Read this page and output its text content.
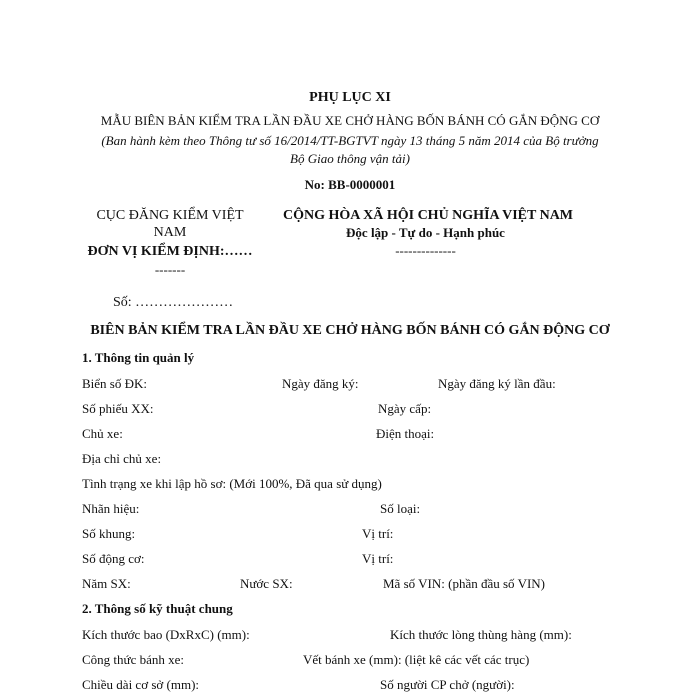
PHỤ LỤC XI
MẪU BIÊN BẢN KIỂM TRA LẦN ĐẦU XE CHỞ HÀNG BỐN BÁNH CÓ GẮN ĐỘNG CƠ
(Ban hành kèm theo Thông tư số 16/2014/TT-BGTVT ngày 13 tháng 5 năm 2014 của Bộ trưởng
Bộ Giao thông vận tải)
No: BB-0000001
CỤC ĐĂNG KIỂM VIỆT
NAM
ĐƠN VỊ KIỂM ĐỊNH:……
-------
Số: …………………
CỘNG HÒA XÃ HỘI CHỦ NGHĨA VIỆT NAM
Độc lập - Tự do - Hạnh phúc
--------------
BIÊN BẢN KIỂM TRA LẦN ĐẦU XE CHỞ HÀNG BỐN BÁNH CÓ GẮN ĐỘNG CƠ
1. Thông tin quản lý
Biển số ĐK:	Ngày đăng ký:	Ngày đăng ký lần đầu:
Số phiếu XX:	Ngày cấp:
Chủ xe:	Điện thoại:
Địa chỉ chủ xe:
Tình trạng xe khi lập hồ sơ: (Mới 100%, Đã qua sử dụng)
Nhãn hiệu:	Số loại:
Số khung:	Vị trí:
Số động cơ:	Vị trí:
Năm SX:	Nước SX:	Mã số VIN: (phần đầu số VIN)
2. Thông số kỹ thuật chung
Kích thước bao (DxRxC) (mm):	Kích thước lòng thùng hàng (mm):
Công thức bánh xe:	Vết bánh xe (mm): (liệt kê các vết các trục)
Chiều dài cơ sở (mm):	Số người CP chở (người):
